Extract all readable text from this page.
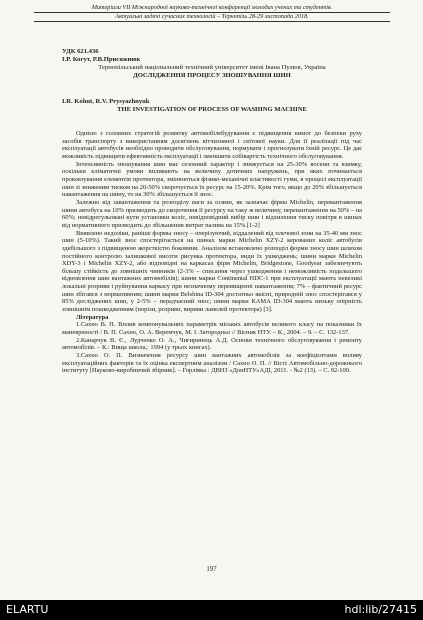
Матеріали VII Міжнародної науково-технічної конференції молодих учених та студентів.
Актуальні задачі сучасних технологій – Тернопіль 28-29 листопада 2018.
УДК 621.436
І.Р. Когут, Р.В.Присяжнюк
Тернопільський національний технічний університет імені Івана Пулюя, Україна
ДОСЛІДЖЕННЯ ПРОЦЕСУ ЗНОШУВАННЯ ШИН
I.R. Kohut, R.V. Prysyazhnyuk
THE INVESTIGATION OF PROCESS OF WASHING MACHINE

Однією з головних стратегій розвитку автомобілебудування є підвищення вимог до безпеки руху засобів транспорту з використанням досягнень вітчизняної і світової науки. Для її реалізації під час експлуатації автобусів необхідно проводити обслуговування, нормувати і прогнозувати їхній ресурс. Це дає можливість підвищити ефективність експлуатації і зменшити собівартість технічного обслуговування.

Інтенсивність зношування шин має сезонний характер і знижується на 25-30% восени та взимку, оскільки кліматичні умови впливають на величину дотичних напружень, при яких починається проковзування елементів протектора, змінюються фізико-механічні властивості гуми, в процесі експлуатації шин зі зниженим тиском на 20-50% скорочується їх ресурс на 15-20%. Крім того, якщо до 20% збільшується навантаження на шину, то на 30% збільшується її знос.

Залежно від завантаження та розподілу ваги за осями, як зазначає фірма Michelin, перевантаження шини автобуса на 10% призводить до скорочення її ресурсу на таку ж величину, перевантаження на 50% – на 60%; невідрегульовані кути установки коліс, невідповідний вибір шин і відхилення тиску повітря в шинах від нормативного призводить до збільшення витрат палива на 15%.[1-2]

Виявлено недоліки, раніше формы зносу – оперізуючий, віддалений від плечової зони на 35-40 мм знос шин (5-10%). Такий знос спостерігається на шинах марки Michelin XZY-2 керованих коліс автобусів здебільшого з підвищеною жорсткістю боковини. Аналізом встановлено розподіл форми зносу шин шляхом постійного контролю залишкової висоти рисунка протектора, види їх ушкоджень; шини марки Michelin XDY-3 і Michelin XZY-2, або відповідні на каркасах фірм Michelin, Bridgestone, Goodyear забезпечують більшу стійкість до зовнішніх чинників (2-3% – списання через ушкодження і неможливість подальшого відновлення шин вантажних автомобілів); шини марки Continental HDC-1 при експлуатації мають невеликі локальні розриви і руйнування каркасу при незначному перевищенні навантаження; 7% – фактичний ресурс шин збігався з нормативним; шини марки Belshina ID-304 достатньо якісні, природній знос спостерігався у 85% досліджених шин, у 2-5% – передчасний знос; шини марки КАМА ID-304 мають низьку опірність зовнішнім пошкодженням (порізи, розриви, вириви ламелей протектора) [3].

Література

1.Сахно В. П. Вплив компонувальних параметрів міських автобусів великого класу на показники їх маневреності / В. П. Сахно, О. А. Веремчук, М. І. Загородньо // Вісник НТУ. – К., 2004. – 9. – С. 132-137.

2.Канарчук В. Є., Лудченко О. А., Чигиринець А.Д. Основи технічного обслуговування і ремонту автомобілів. – К.: Вища школа,: 1994 (у трьох книгах).

3.Сахно О. П. Визначення ресурсу шин вантажних автомобілів за коефіцієнтами впливу експлуатаційних факторів та їх оцінка експертним аналізом / Сахно О. П. // Вісті Автомобільно-дорожнього інституту [Науково-виробничий збірник]. – Горлівка : ДВНЗ «ДонНТУ»АДІ, 2011. - №2 (13). – С. 92-100.

197
ELARTU	hdl:lib/27415
